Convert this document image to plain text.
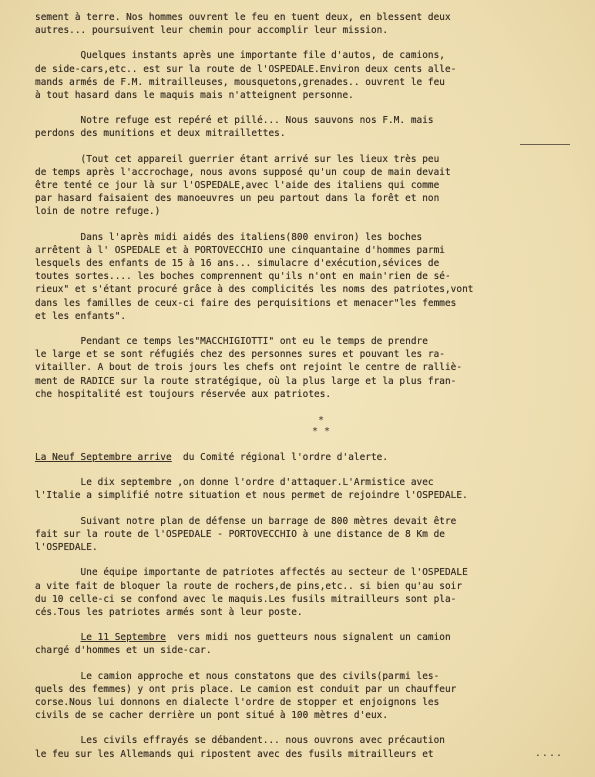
sement à terre. Nos hommes ouvrent le feu en tuent deux, en blessent deux
autres... poursuivent leur chemin pour accomplir leur mission.

Quelques instants après une importante file d'autos, de camions,
de side-cars,etc.. est sur la route de l'OSPEDALE.Environ deux cents alle-
mands armés de F.M. mitrailleuses, mousquetons,grenades.. ouvrent le feu
à tout hasard dans le maquis mais n'atteignent personne.

Notre refuge est repéré et pillé... Nous sauvons nos F.M. mais
perdons des munitions et deux mitraillettes.

(Tout cet appareil guerrier étant arrivé sur les lieux très peu
de temps après l'accrochage, nous avons supposé qu'un coup de main devait
être tenté ce jour là sur l'OSPEDALE,avec l'aide des italiens qui comme
par hasard faisaient des manoeuvres un peu partout dans la forêt et non
loin de notre refuge.)

Dans l'après midi aidés des italiens(800 environ) les boches
arrêtent à l' OSPEDALE et à PORTOVECCHIO une cinquantaine d'hommes parmi
lesquels des enfants de 15 à 16 ans... simulacre d'exécution,sévices de
toutes sortes.... les boches comprennent qu'ils n'ont en main'rien de sé-
rieux" et s'étant procuré grâce à des complicités les noms des patriotes,vont
dans les familles de ceux-ci faire des perquisitions et menacer"les femmes
et les enfants".

Pendant ce temps les"MACCHIGIOTTI" ont eu le temps de prendre
le large et se sont réfugiés chez des personnes sures et pouvant les ra-
vitailler. A bout de trois jours les chefs ont rejoint le centre de ralliè-
ment de RADICE sur la route stratégique, où la plus large et la plus fran-
che hospitalité est toujours réservée aux patriotes.

*
* *

La Neuf Septembre arrive  du Comité régional l'ordre d'alerte.

Le dix septembre ,on donne l'ordre d'attaquer.L'Armistice avec
l'Italie a simplifié notre situation et nous permet de rejoindre l'OSPEDALE.

Suivant notre plan de défense un barrage de 800 mètres devait être
fait sur la route de l'OSPEDALE - PORTOVECCHIO à une distance de 8 Km de
l'OSPEDALE.

Une équipe importante de patriotes affectés au secteur de l'OSPEDALE
a vite fait de bloquer la route de rochers,de pins,etc.. si bien qu'au soir
du 10 celle-ci se confond avec le maquis.Les fusils mitrailleurs sont pla-
cés.Tous les patriotes armés sont à leur poste.

Le 11 Septembre  vers midi nos guetteurs nous signalent un camion
chargé d'hommes et un side-car.

Le camion approche et nous constatons que des civils(parmi les-
quels des femmes) y ont pris place. Le camion est conduit par un chauffeur
corse.Nous lui donnons en dialecte l'ordre de stopper et enjoignons les
civils de se cacher derrière un pont situé à 100 mètres d'eux.

Les civils effrayés se débandent... nous ouvrons avec précaution
le feu sur les Allemands qui ripostent avec des fusils mitrailleurs et	....
